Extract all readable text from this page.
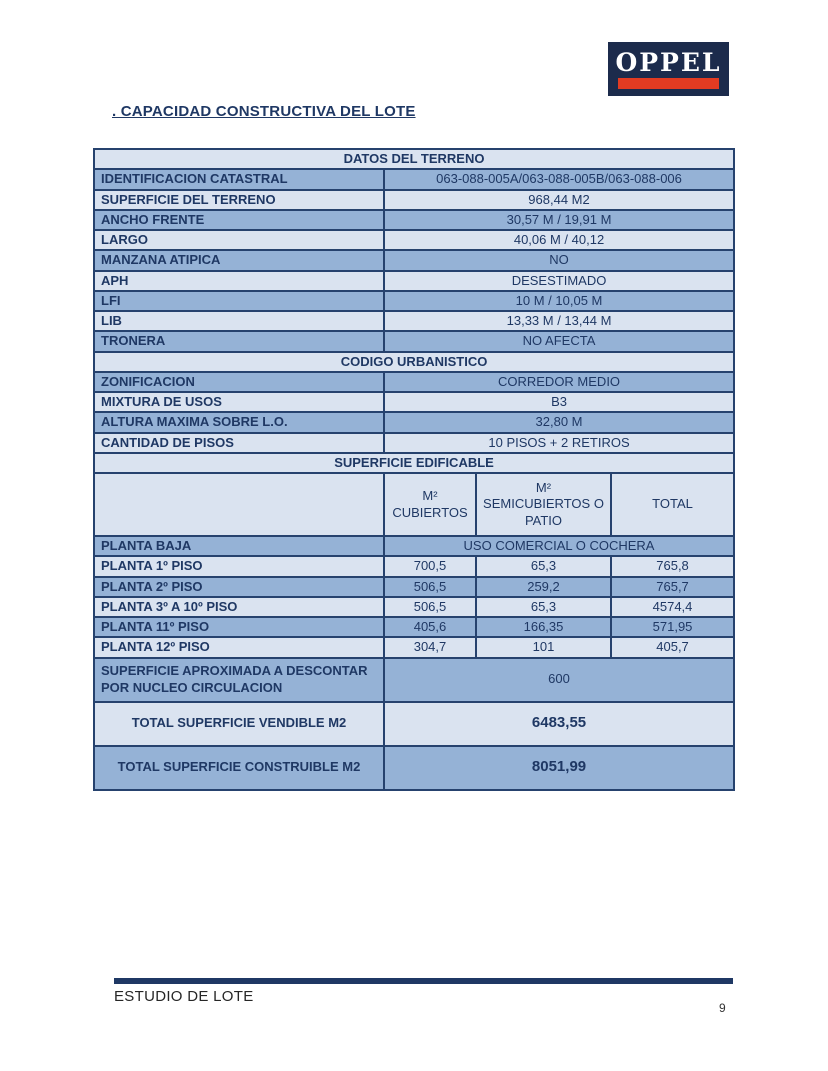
OPPEL
. CAPACIDAD CONSTRUCTIVA DEL LOTE
DATOS DEL TERRENO			
IDENTIFICACION CATASTRAL	063-088-005A/063-088-005B/063-088-006		
SUPERFICIE DEL TERRENO	968,44 M2		
ANCHO FRENTE	30,57 M / 19,91 M		
LARGO	40,06 M / 40,12		
MANZANA ATIPICA	NO		
APH	DESESTIMADO		
LFI	10 M / 10,05 M		
LIB	13,33 M / 13,44 M		
TRONERA	NO AFECTA		
CODIGO URBANISTICO			
ZONIFICACION	CORREDOR MEDIO		
MIXTURA DE USOS	B3		
ALTURA MAXIMA SOBRE L.O.	32,80 M		
CANTIDAD DE PISOS	10 PISOS + 2 RETIROS		
SUPERFICIE EDIFICABLE			
	M² CUBIERTOS	M² SEMICUBIERTOS O PATIO	TOTAL
PLANTA BAJA	USO COMERCIAL O COCHERA		
PLANTA 1º PISO	700,5	65,3	765,8
PLANTA 2º PISO	506,5	259,2	765,7
PLANTA 3º A 10º PISO	506,5	65,3	4574,4
PLANTA 11º PISO	405,6	166,35	571,95
PLANTA 12º PISO	304,7	101	405,7
SUPERFICIE APROXIMADA A DESCONTAR POR NUCLEO CIRCULACION	600		
TOTAL SUPERFICIE VENDIBLE M2	6483,55		
TOTAL SUPERFICIE CONSTRUIBLE M2	8051,99		
ESTUDIO DE LOTE
9
